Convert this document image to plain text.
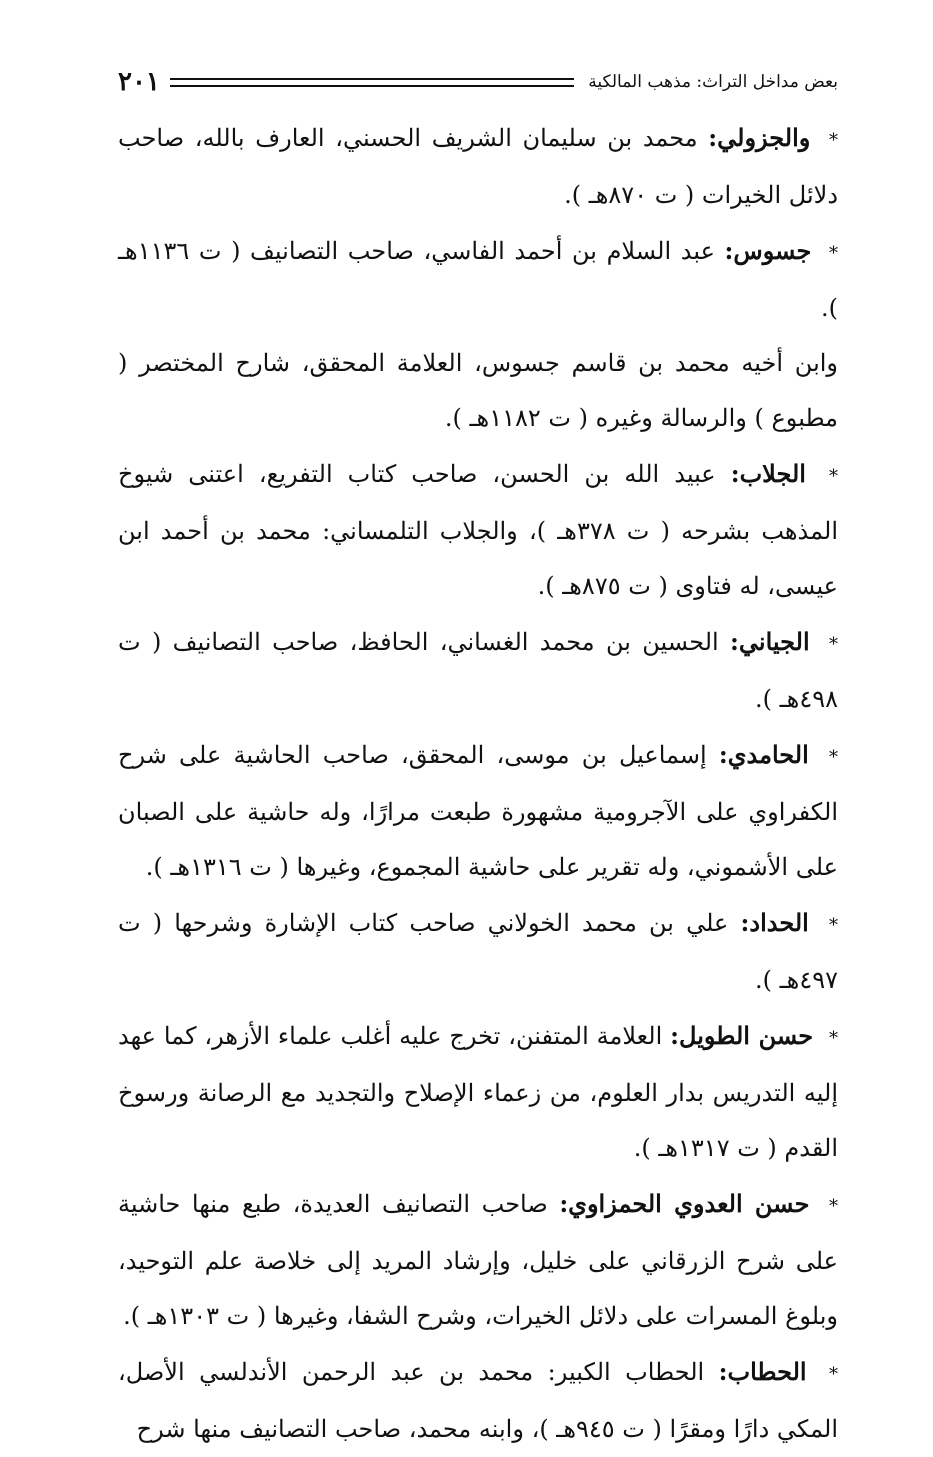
بعض مداخل التراث: مذهب المالكية
٢٠١

* والجزولي: محمد بن سليمان الشريف الحسني، العارف بالله، صاحب دلائل الخيرات ( ت ٨٧٠هـ ).

* جسوس: عبد السلام بن أحمد الفاسي، صاحب التصانيف ( ت ١١٣٦هـ ).

وابن أخيه محمد بن قاسم جسوس، العلامة المحقق، شارح المختصر ( مطبوع ) والرسالة وغيره ( ت ١١٨٢هـ ).

* الجلاب: عبيد الله بن الحسن، صاحب كتاب التفريع، اعتنى شيوخ المذهب بشرحه ( ت ٣٧٨هـ )، والجلاب التلمساني: محمد بن أحمد ابن عيسى، له فتاوى ( ت ٨٧٥هـ ).

* الجياني: الحسين بن محمد الغساني، الحافظ، صاحب التصانيف ( ت ٤٩٨هـ ).

* الحامدي: إسماعيل بن موسى، المحقق، صاحب الحاشية على شرح الكفراوي على الآجرومية مشهورة طبعت مرارًا، وله حاشية على الصبان على الأشموني، وله تقرير على حاشية المجموع، وغيرها ( ت ١٣١٦هـ ).

* الحداد: علي بن محمد الخولاني صاحب كتاب الإشارة وشرحها ( ت ٤٩٧هـ ).

* حسن الطويل: العلامة المتفنن، تخرج عليه أغلب علماء الأزهر، كما عهد إليه التدريس بدار العلوم، من زعماء الإصلاح والتجديد مع الرصانة ورسوخ القدم ( ت ١٣١٧هـ ).

* حسن العدوي الحمزاوي: صاحب التصانيف العديدة، طبع منها حاشية على شرح الزرقاني على خليل، وإرشاد المريد إلى خلاصة علم التوحيد، وبلوغ المسرات على دلائل الخيرات، وشرح الشفا، وغيرها ( ت ١٣٠٣هـ ).

* الحطاب: الحطاب الكبير: محمد بن عبد الرحمن الأندلسي الأصل، المكي دارًا ومقرًا ( ت ٩٤٥هـ )، وابنه محمد، صاحب التصانيف منها شرح
